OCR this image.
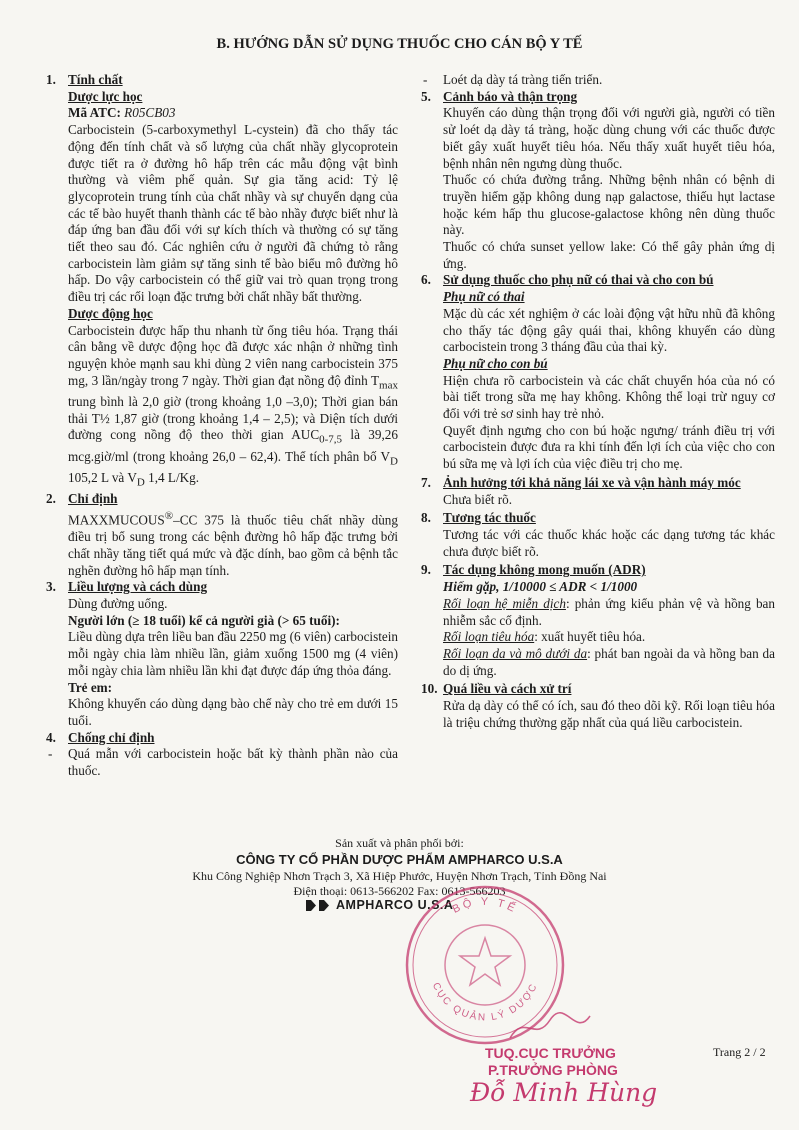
B. HƯỚNG DẪN SỬ DỤNG THUỐC CHO CÁN BỘ Y TẾ
1. Tính chất
Dược lực học

Mã ATC: R05CB03

Carbocistein (5-carboxymethyl L-cystein) đã cho thấy tác động đến tính chất và số lượng của chất nhầy glycoprotein được tiết ra ở đường hô hấp trên các mẫu động vật bình thường và viêm phế quản. Sự gia tăng acid: Tỷ lệ glycoprotein trung tính của chất nhầy và sự chuyển dạng của các tế bào huyết thanh thành các tế bào nhầy được biết như là đáp ứng ban đầu đối với sự kích thích và thường có sự tăng tiết theo sau đó. Các nghiên cứu ở người đã chứng tỏ rằng carbocistein làm giảm sự tăng sinh tế bào biểu mô đường hô hấp. Do vậy carbocistein có thể giữ vai trò quan trọng trong điều trị các rối loạn đặc trưng bởi chất nhầy bất thường.

Dược động học

Carbocistein được hấp thu nhanh từ ống tiêu hóa. Trạng thái cân bằng về dược động học đã được xác nhận ở những tình nguyện khỏe mạnh sau khi dùng 2 viên nang carbocistein 375 mg, 3 lần/ngày trong 7 ngày. Thời gian đạt nồng độ đỉnh $T_{max}$ trung bình là 2,0 giờ (trong khoảng 1,0 –3,0); Thời gian bán thải T½ 1,87 giờ (trong khoảng 1,4 – 2,5); và Diện tích dưới đường cong nồng độ theo thời gian $AUC_{0-7,5}$ là 39,26 mcg.giờ/ml (trong khoảng 26,0 – 62,4). Thể tích phân bố $V_D$ 105,2 L và $V_D$ 1,4 L/Kg.

2. Chỉ định

MAXXMUCOUS®–CC 375 là thuốc tiêu chất nhầy dùng điều trị bổ sung trong các bệnh đường hô hấp đặc trưng bởi chất nhầy tăng tiết quá mức và đặc dính, bao gồm cả bệnh tắc nghẽn đường hô hấp mạn tính.

3. Liều lượng và cách dùng

Dùng đường uống.

Người lớn (≥ 18 tuổi) kể cả người già (> 65 tuổi):

Liều dùng dựa trên liều ban đầu 2250 mg (6 viên) carbocistein mỗi ngày chia làm nhiều lần, giảm xuống 1500 mg (4 viên) mỗi ngày chia làm nhiều lần khi đạt được đáp ứng thỏa đáng.

Trẻ em:

Không khuyến cáo dùng dạng bào chế này cho trẻ em dưới 15 tuổi.

4. Chống chỉ định
-	Quá mẫn với carbocistein hoặc bất kỳ thành phần nào của thuốc.
-	Loét dạ dày tá tràng tiến triển.
5. Cảnh báo và thận trọng

Khuyến cáo dùng thận trọng đối với người già, người có tiền sử loét dạ dày tá tràng, hoặc dùng chung với các thuốc được biết gây xuất huyết tiêu hóa. Nếu thấy xuất huyết tiêu hóa, bệnh nhân nên ngưng dùng thuốc.

Thuốc có chứa đường trắng. Những bệnh nhân có bệnh di truyền hiếm gặp không dung nạp galactose, thiếu hụt lactase hoặc kém hấp thu glucose-galactose không nên dùng thuốc này.

Thuốc có chứa sunset yellow lake: Có thể gây phản ứng dị ứng.

6. Sử dụng thuốc cho phụ nữ có thai và cho con bú
Phụ nữ có thai

Mặc dù các xét nghiệm ở các loài động vật hữu nhũ đã không cho thấy tác động gây quái thai, không khuyến cáo dùng carbocistein trong 3 tháng đầu của thai kỳ.

Phụ nữ cho con bú

Hiện chưa rõ carbocistein và các chất chuyển hóa của nó có bài tiết trong sữa mẹ hay không. Không thể loại trừ nguy cơ đối với trẻ sơ sinh hay trẻ nhỏ.

Quyết định ngưng cho con bú hoặc ngưng/ tránh điều trị với carbocistein được đưa ra khi tính đến lợi ích của việc cho con bú sữa mẹ và lợi ích của việc điều trị cho mẹ.

7. Ảnh hưởng tới khả năng lái xe và vận hành máy móc

Chưa biết rõ.

8. Tương tác thuốc

Tương tác với các thuốc khác hoặc các dạng tương tác khác chưa được biết rõ.

9. Tác dụng không mong muốn (ADR)

Hiếm gặp, 1/10000 ≤ ADR < 1/1000

Rối loạn hệ miễn dịch: phản ứng kiểu phản vệ và hồng ban nhiễm sắc cố định.

Rối loạn tiêu hóa: xuất huyết tiêu hóa.

Rối loạn da và mô dưới da: phát ban ngoài da và hồng ban da do dị ứng.

10. Quá liều và cách xử trí

Rửa dạ dày có thể có ích, sau đó theo dõi kỹ. Rối loạn tiêu hóa là triệu chứng thường gặp nhất của quá liều carbocistein.

Sản xuất và phân phối bởi:
CÔNG TY CỔ PHẦN DƯỢC PHẨM AMPHARCO U.S.A
Khu Công Nghiệp Nhơn Trạch 3, Xã Hiệp Phước, Huyện Nhơn Trạch, Tỉnh Đồng Nai
Điện thoại: 0613-566202 Fax: 0613-566203
AMPHARCO U.S.A
BỘ Y TẾ
CỤC QUẢN LÝ DƯỢC
TUQ.CỤC TRƯỞNG
P.TRƯỞNG PHÒNG
Đỗ Minh Hùng
Trang 2 / 2
